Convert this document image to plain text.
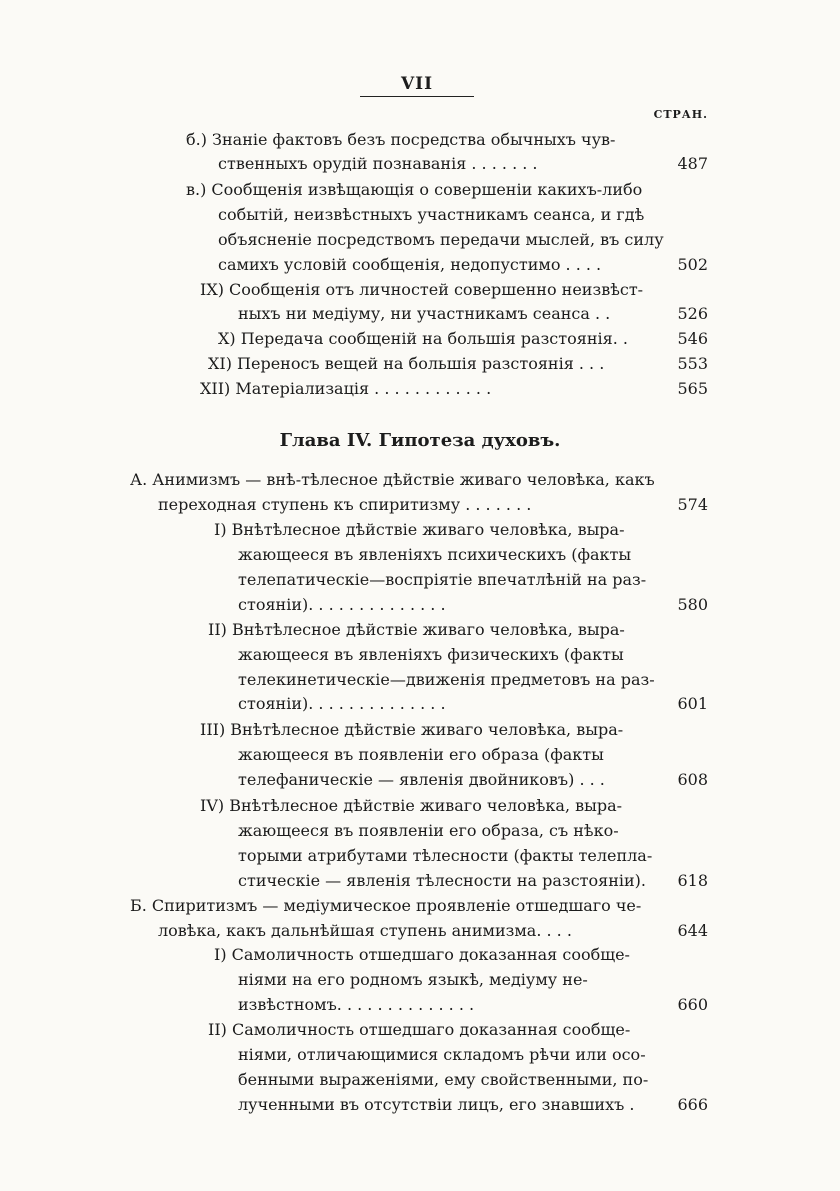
VII
СТРАН.
б.) Знаніе фактовъ безъ посредства обычныхъ чув-
ственныхъ орудій познаванія . . . . . . .	487
в.) Сообщенія извѣщающія о совершеніи какихъ-либо
событій, неизвѣстныхъ участникамъ сеанса, и гдѣ
объясненіе посредствомъ передачи мыслей, въ силу
самихъ условій сообщенія, недопустимо . . . .	502
IX) Сообщенія отъ личностей совершенно неизвѣст-
ныхъ ни медіуму, ни участникамъ сеанса . .	526
X) Передача сообщеній на большія разстоянія. .	546
XI) Переносъ вещей на большія разстоянія . . .	553
XII) Матеріализація . . . . . . . . . . . .	565
Глава IV. Гипотеза духовъ.
А. Анимизмъ — внѣ-тѣлесное дѣйствіе живаго человѣка, какъ
переходная ступень къ спиритизму . . . . . . .	574
I) Внѣтѣлесное дѣйствіе живаго человѣка, выра-
жающееся въ явленіяхъ психическихъ (факты
телепатическіе—воспріятіе впечатлѣній на раз-
стояніи). . . . . . . . . . . . . .	580
II) Внѣтѣлесное дѣйствіе живаго человѣка, выра-
жающееся въ явленіяхъ физическихъ (факты
телекинетическіе—движенія предметовъ на раз-
стояніи). . . . . . . . . . . . . .	601
III) Внѣтѣлесное дѣйствіе живаго человѣка, выра-
жающееся въ появленіи его образа (факты
телефаническіе — явленія двойниковъ) . . .	608
IV) Внѣтѣлесное дѣйствіе живаго человѣка, выра-
жающееся въ появленіи его образа, съ нѣко-
торыми атрибутами тѣлесности (факты телепла-
стическіе — явленія тѣлесности на разстояніи).	618
Б. Спиритизмъ — медіумическое проявленіе отшедшаго че-
ловѣка, какъ дальнѣйшая ступень анимизма. . . .	644
I) Самоличность отшедшаго доказанная сообще-
ніями на его родномъ языкѣ, медіуму не-
извѣстномъ. . . . . . . . . . . . . .	660
II) Самоличность отшедшаго доказанная сообще-
ніями, отличающимися складомъ рѣчи или осо-
бенными выраженіями, ему свойственными, по-
лученными въ отсутствіи лицъ, его знавшихъ .	666
